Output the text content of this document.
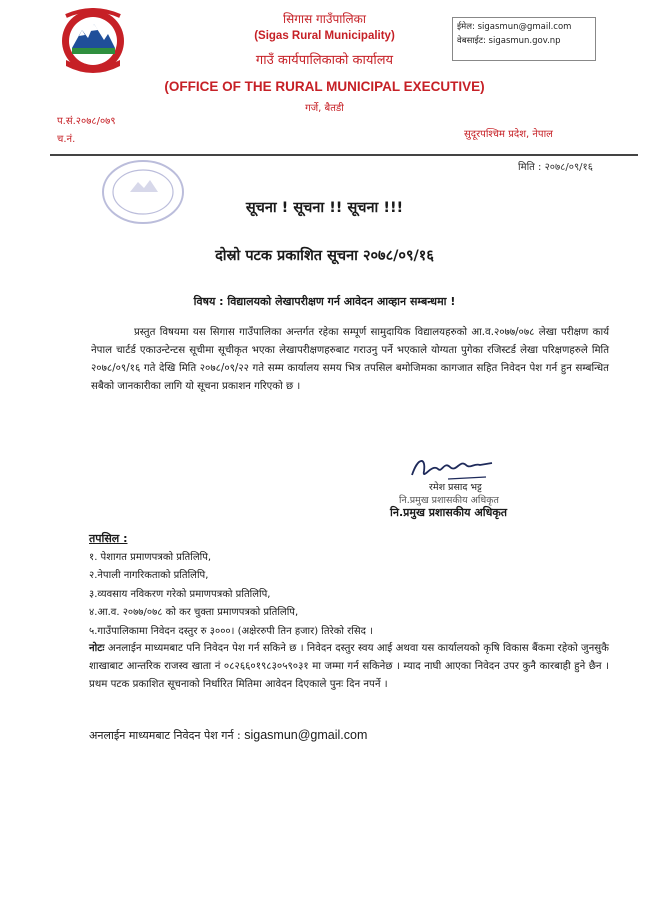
सिगास गाउँपालिका
(Sigas Rural Municipality)
गाउँ कार्यपालिकाको कार्यालय
(OFFICE OF THE RURAL MUNICIPAL EXECUTIVE)
गर्जे, बैतडी
ईमेल: sigasmun@gmail.com
वेबसाईट: sigasmun.gov.np
प.सं.२०७८/०७९
च.नं.	सुदूरपश्चिम प्रदेश, नेपाल
मिति : २०७८/०९/१६
सूचना ! सूचना !! सूचना !!!
दोस्रो पटक प्रकाशित सूचना २०७८/०९/१६
विषय : विद्यालयको लेखापरीक्षण गर्न आवेदन आव्हान सम्बन्धमा !
प्रस्तुत विषयमा यस सिगास गाउँपालिका अन्तर्गत रहेका सम्पूर्ण सामुदायिक विद्यालयहरुको आ.व.२०७७/०७८ लेखा परीक्षण कार्य नेपाल चार्टर्ड एकाउन्टेन्टस सूचीमा सूचीकृत भएका लेखापरीक्षणहरुबाट गराउनु पर्ने भएकाले योग्यता पुगेका रजिस्टर्ड लेखा परिक्षणहरुले मिति २०७८/०९/१६ गते देखि मिति २०७८/०९/२२ गते सम्म कार्यालय समय भित्र तपसिल बमोजिमका कागजात सहित निवेदन पेश गर्न हुन सम्बन्धित सबैको जानकारीका लागि यो सूचना प्रकाशन गरिएको छ ।
रमेश प्रसाद भट्ट
नि.प्रमुख प्रशासकीय अधिकृत
नि.प्रमुख प्रशासकीय अधिकृत
तपसिल :
१. पेशागत प्रमाणपत्रको प्रतिलिपि,
२.नेपाली नागरिकताको प्रतिलिपि,
३.व्यवसाय नविकरण गरेको प्रमाणपत्रको प्रतिलिपि,
४.आ.व. २०७७/०७८ को कर चुक्ता प्रमाणपत्रको प्रतिलिपि,
५.गाउँपालिकामा निवेदन दस्तुर रु ३०००। (अक्षेररुपी तिन हजार) तिरेको रसिद ।
नोटः अनलाईन माध्यमबाट पनि निवेदन पेश गर्न सकिने छ । निवेदन दस्तुर स्वय आई अथवा यस कार्यालयको कृषि विकास बैंकमा रहेको जुनसुकै शाखाबाट आन्तरिक राजस्व खाता नं ०८२६६०१९८३०५९०३१ मा जम्मा गर्न सकिनेछ । म्याद नाघी आएका निवेदन उपर कुनै कारबाही हुने छैन । प्रथम पटक प्रकाशित सूचनाको निर्धारित मितिमा आवेदन दिएकाले पुनः दिन नपर्ने ।
अनलाईन माध्यमबाट निवेदन पेश गर्न : sigasmun@gmail.com
